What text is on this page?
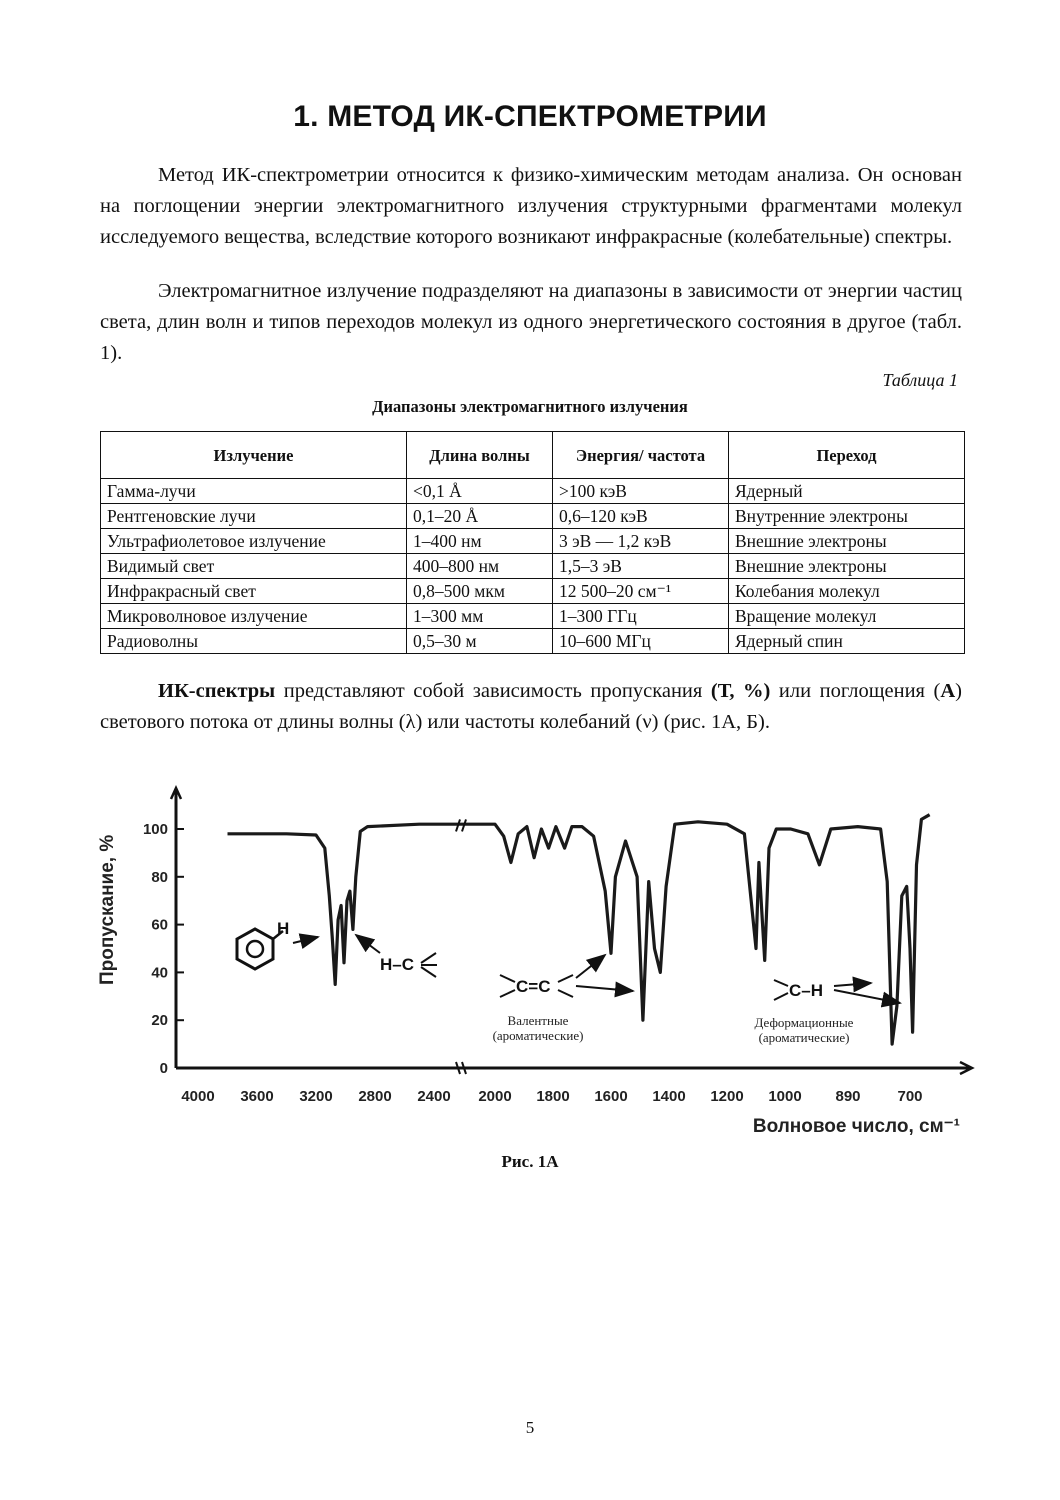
1. МЕТОД ИК-СПЕКТРОМЕТРИИ

Метод ИК-спектрометрии относится к физико-химическим методам анализа. Он основан на поглощении энергии электромагнитного излучения структурными фрагментами молекул исследуемого вещества, вследствие которого возникают инфракрасные (колебательные) спектры.

Электромагнитное излучение подразделяют на диапазоны в зависимости от энергии частиц света, длин волн и типов переходов молекул из одного энергетического состояния в другое (табл. 1).

Таблица 1
Диапазоны электромагнитного излучения
Излучение	Длина волны	Энергия/ частота	Переход
Гамма-лучи	<0,1 Å	>100 кэВ	Ядерный
Рентгеновские лучи	0,1–20 Å	0,6–120 кэВ	Внутренние электроны
Ультрафиолетовое излучение	1–400 нм	3 эВ — 1,2 кэВ	Внешние электроны
Видимый свет	400–800 нм	1,5–3 эВ	Внешние электроны
Инфракрасный свет	0,8–500 мкм	12 500–20 см⁻¹	Колебания молекул
Микроволновое излучение	1–300 мм	1–300 ГГц	Вращение молекул
Радиоволны	0,5–30 м	10–600 МГц	Ядерный спин

ИК-спектры представляют собой зависимость пропускания (Т, %) или поглощения (А) светового потока от длины волны (λ) или частоты колебаний (ν) (рис. 1А, Б).

100
80
60
40
20
0
4000 3600 3200 2800 2400 2000 1800 1600 1400 1200 1000 890 700
Пропускание, %
Волновое число, см⁻¹
H
H–C
C=C
Валентные
(ароматические)
C–H
Деформационные
(ароматические)
Рис. 1А
5
